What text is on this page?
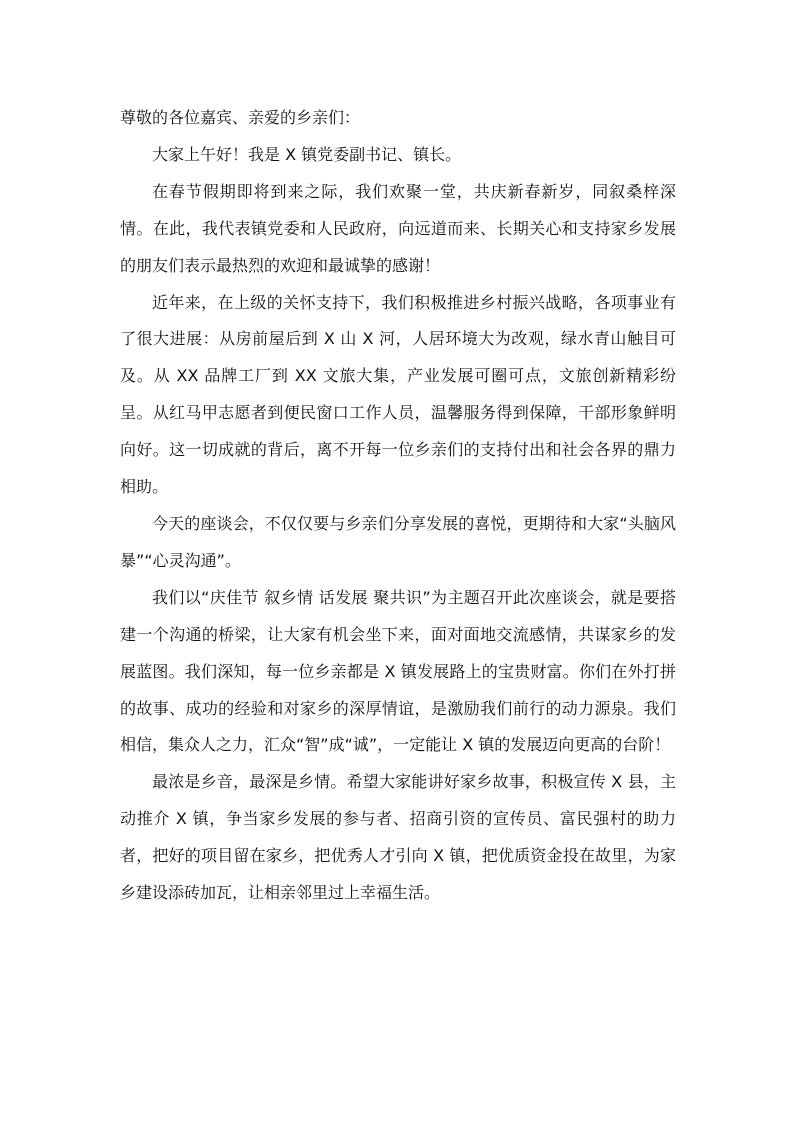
尊敬的各位嘉宾、亲爱的乡亲们：

大家上午好！我是 X 镇党委副书记、镇长。

在春节假期即将到来之际，我们欢聚一堂，共庆新春新岁，同叙桑梓深情。在此，我代表镇党委和人民政府，向远道而来、长期关心和支持家乡发展的朋友们表示最热烈的欢迎和最诚挚的感谢！

近年来，在上级的关怀支持下，我们积极推进乡村振兴战略，各项事业有了很大进展：从房前屋后到 X 山 X 河，人居环境大为改观，绿水青山触目可及。从 XX 品牌工厂到 XX 文旅大集，产业发展可圈可点，文旅创新精彩纷呈。从红马甲志愿者到便民窗口工作人员，温馨服务得到保障，干部形象鲜明向好。这一切成就的背后，离不开每一位乡亲们的支持付出和社会各界的鼎力相助。

今天的座谈会，不仅仅要与乡亲们分享发展的喜悦，更期待和大家“头脑风暴”“心灵沟通”。

我们以“庆佳节 叙乡情 话发展 聚共识”为主题召开此次座谈会，就是要搭建一个沟通的桥梁，让大家有机会坐下来，面对面地交流感情，共谋家乡的发展蓝图。我们深知，每一位乡亲都是 X 镇发展路上的宝贵财富。你们在外打拼的故事、成功的经验和对家乡的深厚情谊，是激励我们前行的动力源泉。我们相信，集众人之力，汇众“智”成“诚”，一定能让 X 镇的发展迈向更高的台阶！

最浓是乡音，最深是乡情。希望大家能讲好家乡故事，积极宣传 X 县，主动推介 X 镇，争当家乡发展的参与者、招商引资的宣传员、富民强村的助力者，把好的项目留在家乡，把优秀人才引向 X 镇，把优质资金投在故里，为家乡建设添砖加瓦，让相亲邻里过上幸福生活。
